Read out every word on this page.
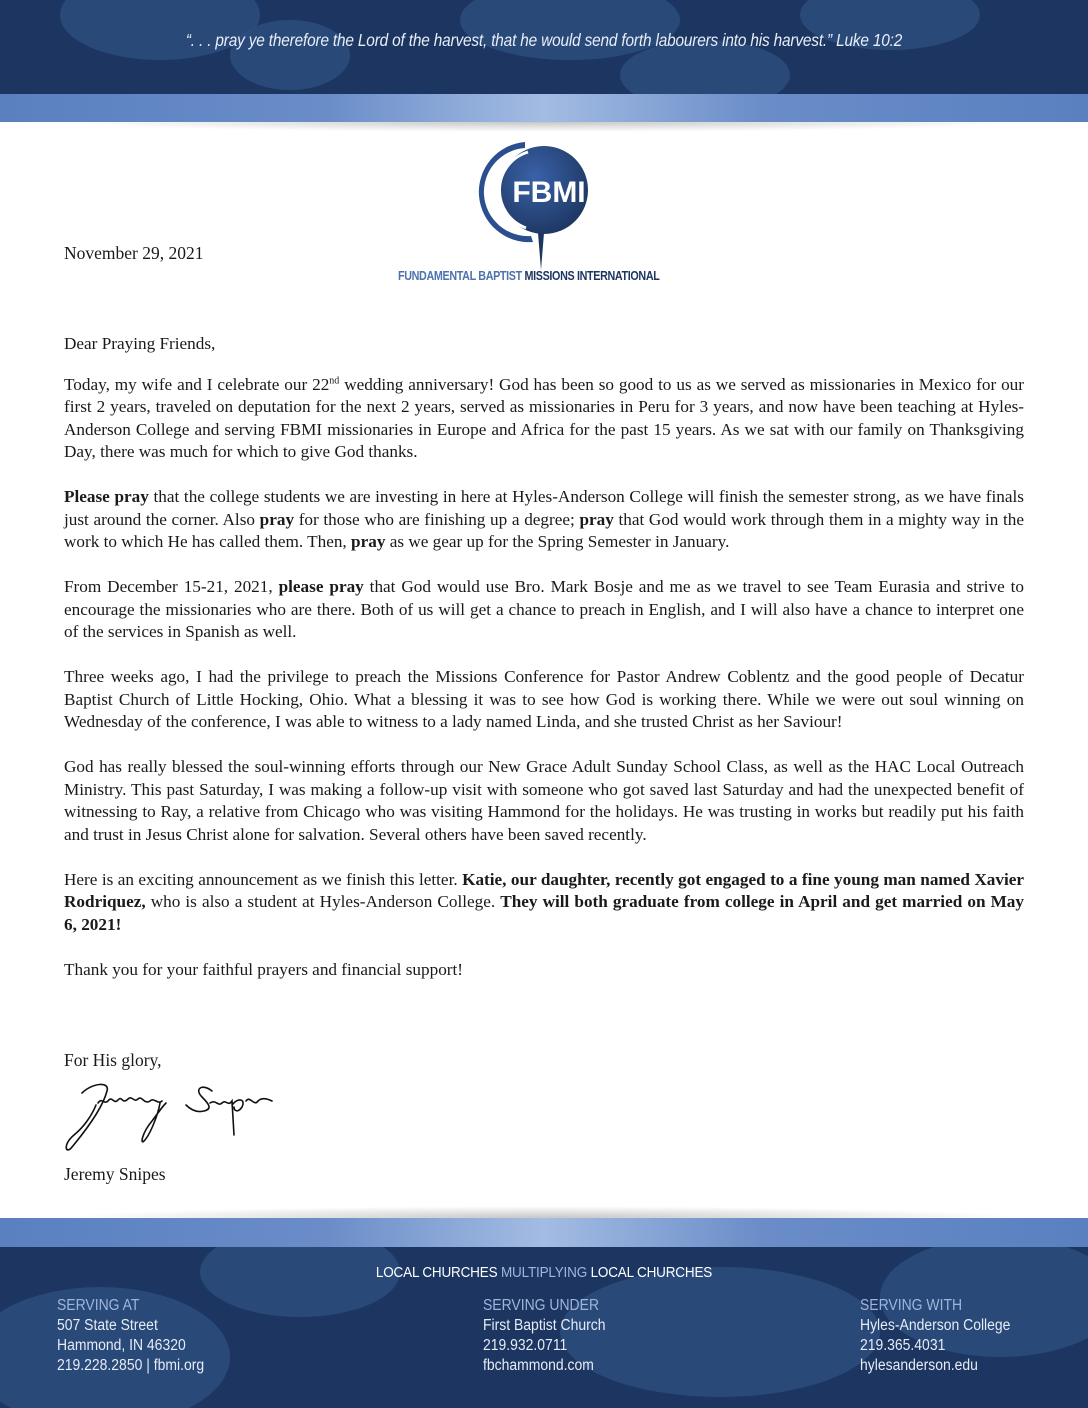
“. . . pray ye therefore the Lord of the harvest, that he would send forth labourers into his harvest.” Luke 10:2
FBMI
FUNDAMENTAL BAPTIST MISSIONS INTERNATIONAL
November 29, 2021

Dear Praying Friends,

Today, my wife and I celebrate our 22nd wedding anniversary! God has been so good to us as we served as missionaries in Mexico for our first 2 years, traveled on deputation for the next 2 years, served as missionaries in Peru for 3 years, and now have been teaching at Hyles-Anderson College and serving FBMI missionaries in Europe and Africa for the past 15 years. As we sat with our family on Thanksgiving Day, there was much for which to give God thanks.

Please pray that the college students we are investing in here at Hyles-Anderson College will finish the semester strong, as we have finals just around the corner. Also pray for those who are finishing up a degree; pray that God would work through them in a mighty way in the work to which He has called them. Then, pray as we gear up for the Spring Semester in January.

From December 15-21, 2021, please pray that God would use Bro. Mark Bosje and me as we travel to see Team Eurasia and strive to encourage the missionaries who are there. Both of us will get a chance to preach in English, and I will also have a chance to interpret one of the services in Spanish as well.

Three weeks ago, I had the privilege to preach the Missions Conference for Pastor Andrew Coblentz and the good people of Decatur Baptist Church of Little Hocking, Ohio. What a blessing it was to see how God is working there. While we were out soul winning on Wednesday of the conference, I was able to witness to a lady named Linda, and she trusted Christ as her Saviour!

God has really blessed the soul-winning efforts through our New Grace Adult Sunday School Class, as well as the HAC Local Outreach Ministry. This past Saturday, I was making a follow-up visit with someone who got saved last Saturday and had the unexpected benefit of witnessing to Ray, a relative from Chicago who was visiting Hammond for the holidays. He was trusting in works but readily put his faith and trust in Jesus Christ alone for salvation. Several others have been saved recently.

Here is an exciting announcement as we finish this letter. Katie, our daughter, recently got engaged to a fine young man named Xavier Rodriquez, who is also a student at Hyles-Anderson College. They will both graduate from college in April and get married on May 6, 2021!

Thank you for your faithful prayers and financial support!

For His glory,
Jeremy Snipes
LOCAL CHURCHES MULTIPLYING LOCAL CHURCHES
SERVING AT
507 State Street
Hammond, IN 46320
219.228.2850 | fbmi.org
SERVING UNDER
First Baptist Church
219.932.0711
fbchammond.com
SERVING WITH
Hyles-Anderson College
219.365.4031
hylesanderson.edu
